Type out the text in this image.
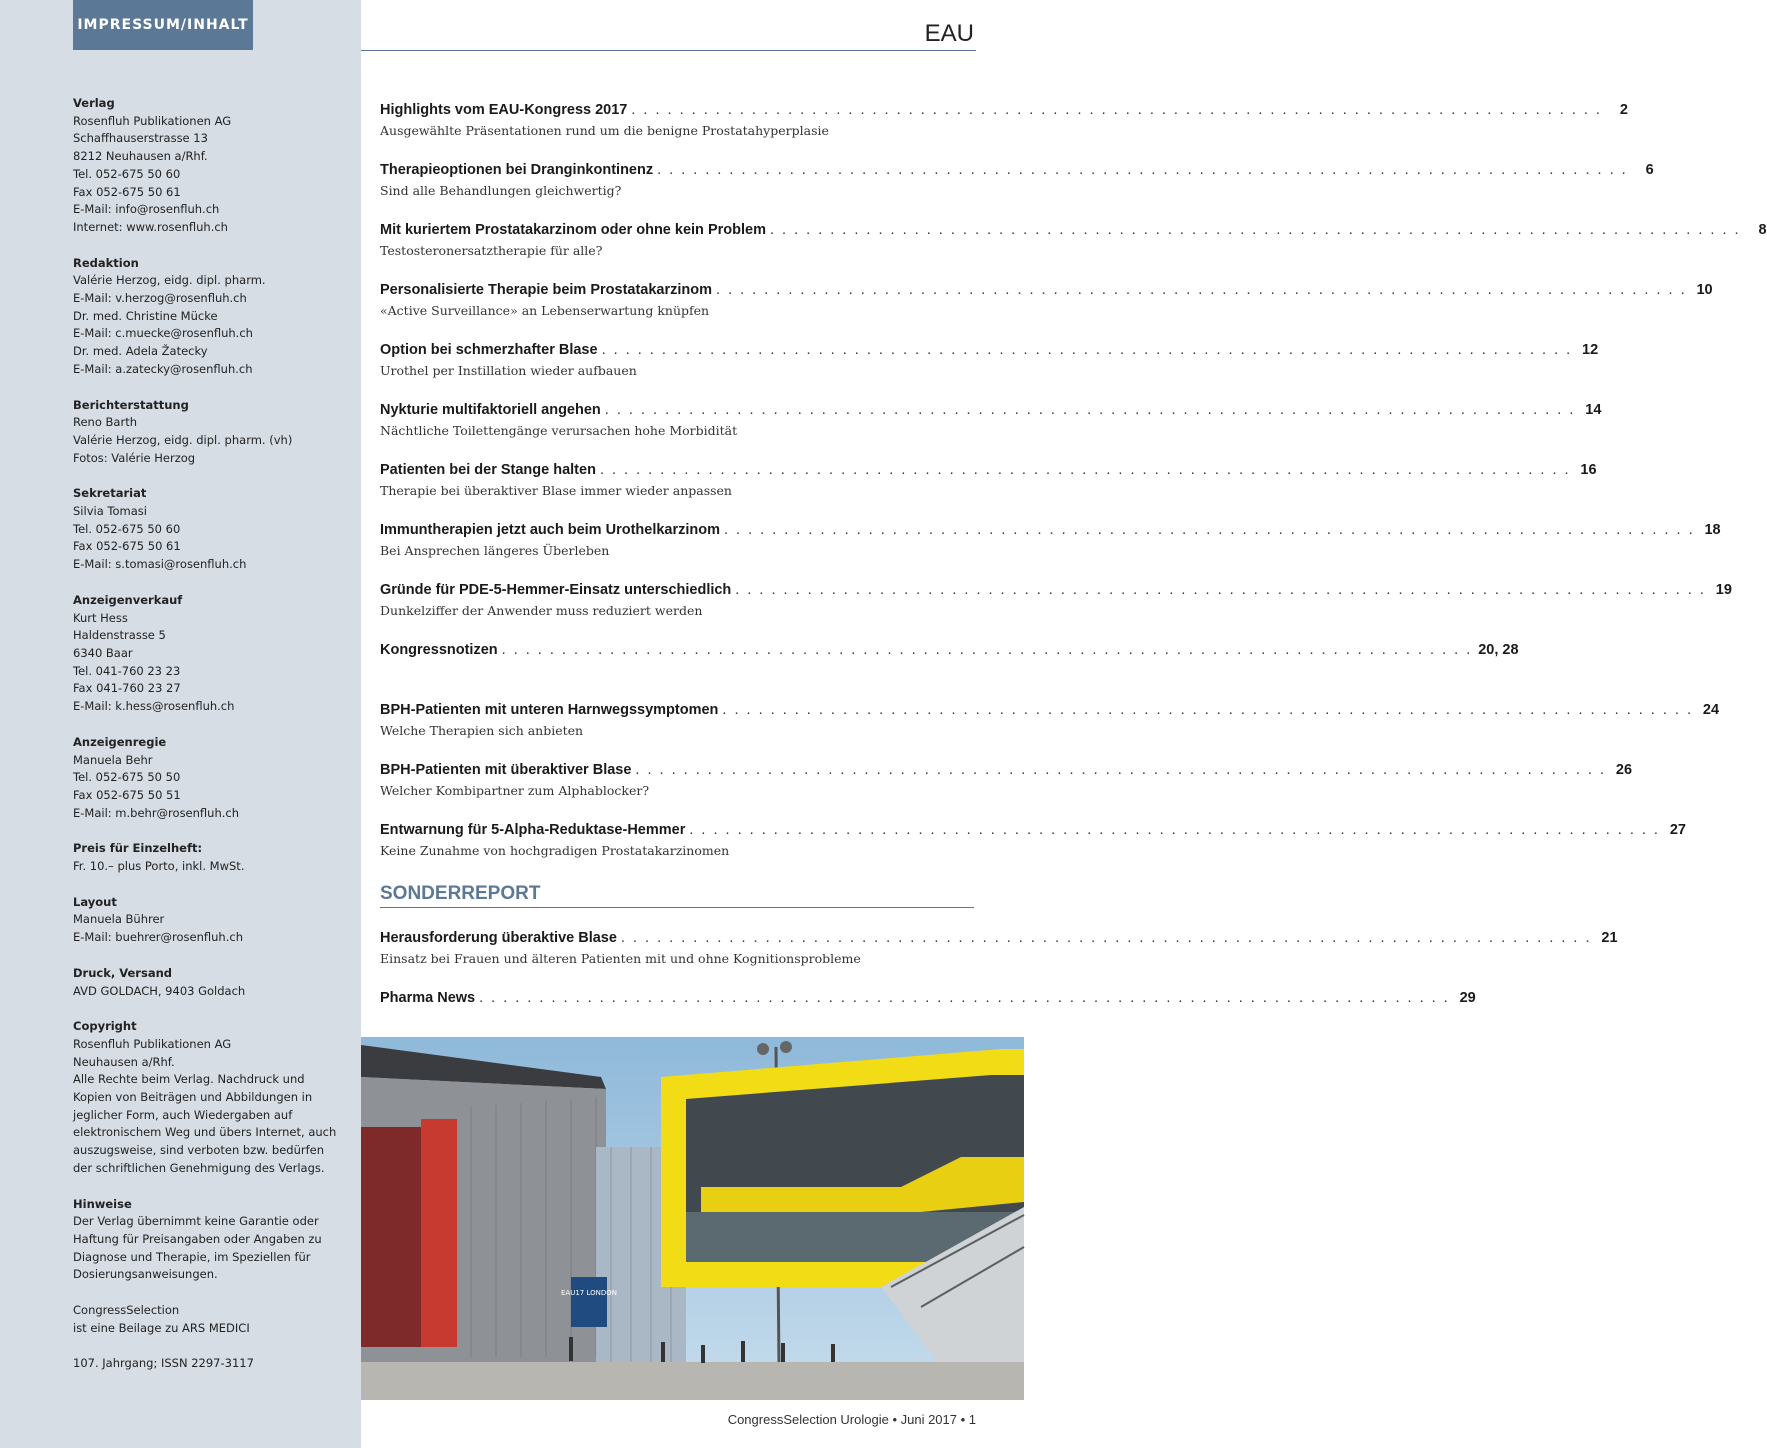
IMPRESSUM/INHALT	EAU
Verlag
Rosenfluh Publikationen AG
Schaffhauserstrasse 13
8212 Neuhausen a/Rhf.
Tel. 052-675 50 60
Fax 052-675 50 61
E-Mail: info@rosenfluh.ch
Internet: www.rosenfluh.ch
Redaktion
Valérie Herzog, eidg. dipl. pharm.
E-Mail: v.herzog@rosenfluh.ch
Dr. med. Christine Mücke
E-Mail: c.muecke@rosenfluh.ch
Dr. med. Adela Žatecky
E-Mail: a.zatecky@rosenfluh.ch
Berichterstattung
Reno Barth
Valérie Herzog, eidg. dipl. pharm. (vh)
Fotos: Valérie Herzog
Sekretariat
Silvia Tomasi
Tel. 052-675 50 60
Fax 052-675 50 61
E-Mail: s.tomasi@rosenfluh.ch
Anzeigenverkauf
Kurt Hess
Haldenstrasse 5
6340 Baar
Tel. 041-760 23 23
Fax 041-760 23 27
E-Mail: k.hess@rosenfluh.ch
Anzeigenregie
Manuela Behr
Tel. 052-675 50 50
Fax 052-675 50 51
E-Mail: m.behr@rosenfluh.ch
Preis für Einzelheft:
Fr. 10.– plus Porto, inkl. MwSt.
Layout
Manuela Bührer
E-Mail: buehrer@rosenfluh.ch
Druck, Versand
AVD GOLDACH, 9403 Goldach
Copyright
Rosenfluh Publikationen AG
Neuhausen a/Rhf.
Alle Rechte beim Verlag. Nachdruck und Kopien von Beiträgen und Abbildungen in jeglicher Form, auch Wiedergaben auf elektronischem Weg und übers Internet, auch auszugsweise, sind verboten bzw. bedürfen der schriftlichen Genehmigung des Verlags.
Hinweise
Der Verlag übernimmt keine Garantie oder Haftung für Preisangaben oder Angaben zu Diagnose und Therapie, im Speziellen für Dosierungsanweisungen.
CongressSelection
ist eine Beilage zu ARS MEDICI
107. Jahrgang; ISSN 2297-3117
Highlights vom EAU-Kongress 2017 . . . . . . . . . . . . . . . . . . . . . . . . . . . . . . . . . . . . . . . . . . . . . . . . . . . . . . . . . . . . . . . . . . . . . . . . . . . . . . . . .	2
Ausgewählte Präsentationen rund um die benigne Prostatahyperplasie
Therapieoptionen bei Dranginkontinenz . . . . . . . . . . . . . . . . . . . . . . . . . . . . . . . . . . . . . . . . . . . . . . . . . . . . . . . . . . . . . . . . . . . . . . . . . . . . . . . . .	6
Sind alle Behandlungen gleichwertig?
Mit kuriertem Prostatakarzinom oder ohne kein Problem . . . . . . . . . . . . . . . . . . . . . . . . . . . . . . . . . . . . . . . . . . . . . . . . . . . . . . . . . . . . . . . . . . . . . . . . . . . . . . . . .	8
Testosteronersatztherapie für alle?
Personalisierte Therapie beim Prostatakarzinom . . . . . . . . . . . . . . . . . . . . . . . . . . . . . . . . . . . . . . . . . . . . . . . . . . . . . . . . . . . . . . . . . . . . . . . . . . . . . . . . . 10
«Active Surveillance» an Lebenserwartung knüpfen
Option bei schmerzhafter Blase . . . . . . . . . . . . . . . . . . . . . . . . . . . . . . . . . . . . . . . . . . . . . . . . . . . . . . . . . . . . . . . . . . . . . . . . . . . . . . . . . 12
Urothel per Instillation wieder aufbauen
Nykturie multifaktoriell angehen . . . . . . . . . . . . . . . . . . . . . . . . . . . . . . . . . . . . . . . . . . . . . . . . . . . . . . . . . . . . . . . . . . . . . . . . . . . . . . . . . 14
Nächtliche Toilettengänge verursachen hohe Morbidität
Patienten bei der Stange halten . . . . . . . . . . . . . . . . . . . . . . . . . . . . . . . . . . . . . . . . . . . . . . . . . . . . . . . . . . . . . . . . . . . . . . . . . . . . . . . . . 16
Therapie bei überaktiver Blase immer wieder anpassen
Immuntherapien jetzt auch beim Urothelkarzinom . . . . . . . . . . . . . . . . . . . . . . . . . . . . . . . . . . . . . . . . . . . . . . . . . . . . . . . . . . . . . . . . . . . . . . . . . . . . . . . . . 18
Bei Ansprechen längeres Überleben
Gründe für PDE-5-Hemmer-Einsatz unterschiedlich . . . . . . . . . . . . . . . . . . . . . . . . . . . . . . . . . . . . . . . . . . . . . . . . . . . . . . . . . . . . . . . . . . . . . . . . . . . . . . . . . 19
Dunkelziffer der Anwender muss reduziert werden
Kongressnotizen . . . . . . . . . . . . . . . . . . . . . . . . . . . . . . . . . . . . . . . . . . . . . . . . . . . . . . . . . . . . . . . . . . . . . . . . . . . . . . . . . 20, 28
BPH-Patienten mit unteren Harnwegssymptomen . . . . . . . . . . . . . . . . . . . . . . . . . . . . . . . . . . . . . . . . . . . . . . . . . . . . . . . . . . . . . . . . . . . . . . . . . . . . . . . . . 24
Welche Therapien sich anbieten
BPH-Patienten mit überaktiver Blase . . . . . . . . . . . . . . . . . . . . . . . . . . . . . . . . . . . . . . . . . . . . . . . . . . . . . . . . . . . . . . . . . . . . . . . . . . . . . . . . . 26
Welcher Kombipartner zum Alphablocker?
Entwarnung für 5-Alpha-Reduktase-Hemmer . . . . . . . . . . . . . . . . . . . . . . . . . . . . . . . . . . . . . . . . . . . . . . . . . . . . . . . . . . . . . . . . . . . . . . . . . . . . . . . . . 27
Keine Zunahme von hochgradigen Prostatakarzinomen
SONDERREPORT
Herausforderung überaktive Blase . . . . . . . . . . . . . . . . . . . . . . . . . . . . . . . . . . . . . . . . . . . . . . . . . . . . . . . . . . . . . . . . . . . . . . . . . . . . . . . . . 21
Einsatz bei Frauen und älteren Patienten mit und ohne Kognitionsprobleme
Pharma News . . . . . . . . . . . . . . . . . . . . . . . . . . . . . . . . . . . . . . . . . . . . . . . . . . . . . . . . . . . . . . . . . . . . . . . . . . . . . . . . . 29
EAU17 LONDON
CongressSelection Urologie • Juni 2017 • 1
